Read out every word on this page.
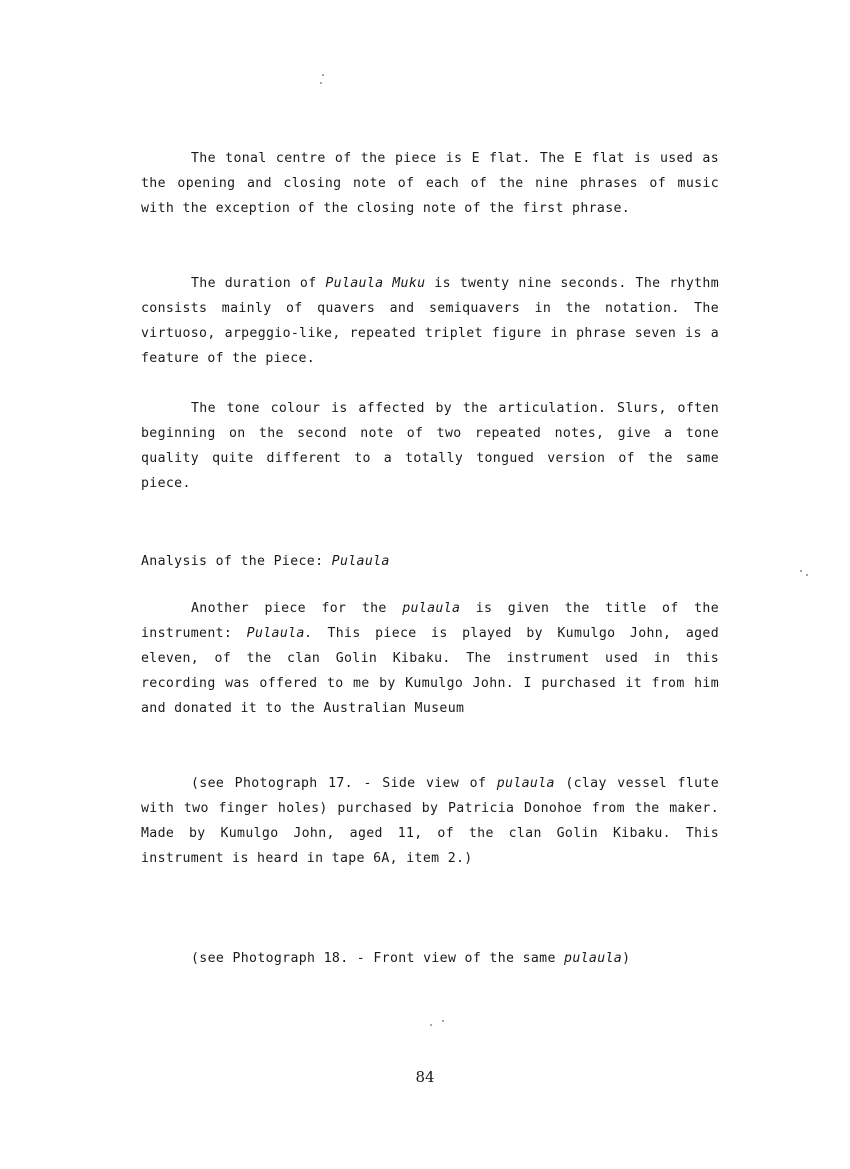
The tonal centre of the piece is E flat. The E flat is used as the opening and closing note of each of the nine phrases of music with the exception of the closing note of the first phrase.

The duration of Pulaula Muku is twenty nine seconds. The rhythm consists mainly of quavers and semiquavers in the notation. The virtuoso, arpeggio-like, repeated triplet figure in phrase seven is a feature of the piece.

The tone colour is affected by the articulation. Slurs, often beginning on the second note of two repeated notes, give a tone quality quite different to a totally tongued version of the same piece.

Analysis of the Piece: Pulaula

Another piece for the pulaula is given the title of the instrument: Pulaula. This piece is played by Kumulgo John, aged eleven, of the clan Golin Kibaku. The instrument used in this recording was offered to me by Kumulgo John. I purchased it from him and donated it to the Australian Museum

(see Photograph 17. - Side view of pulaula (clay vessel flute with two finger holes) purchased by Patricia Donohoe from the maker. Made by Kumulgo John, aged 11, of the clan Golin Kibaku. This instrument is heard in tape 6A, item 2.)

(see Photograph 18. - Front view of the same pulaula)

84
